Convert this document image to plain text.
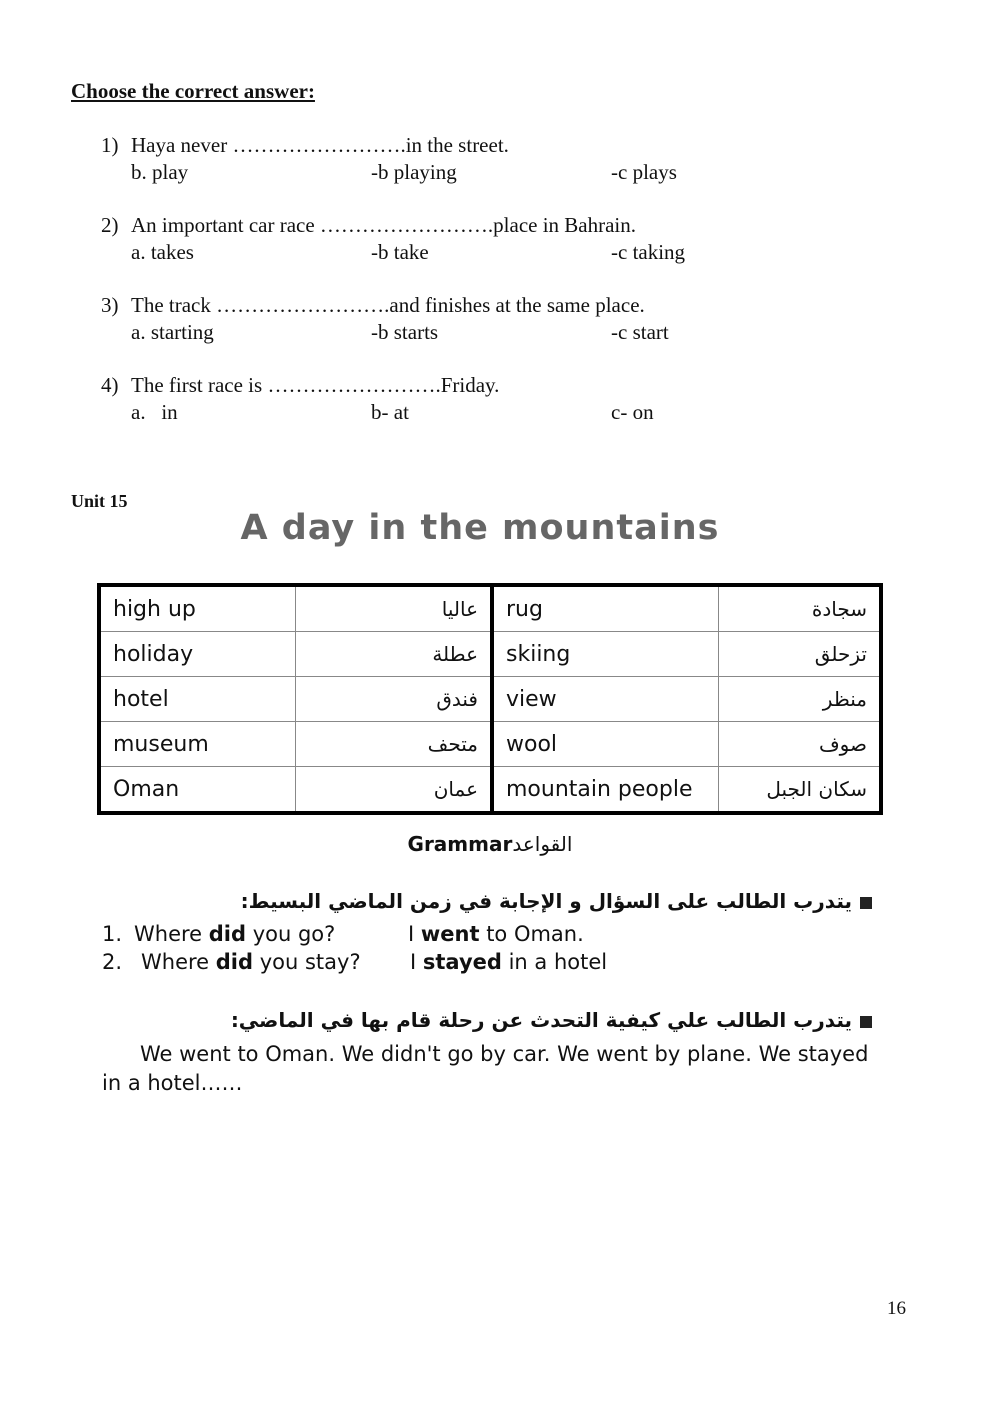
Choose the correct answer:
1) Haya never …………………….in the street.
b. play	-b playing	-c plays
2) An important car race …………………….place in Bahrain.
a. takes	-b take	-c taking
3) The track …………………….and finishes at the same place.
a. starting	-b starts	-c start
4) The first race is …………………….Friday.
a.   in	b- at	c- on
Unit 15
A day in the mountains
high up	عاليا	rug	سجادة
holiday	عطلة	skiing	تزحلق
hotel	فندق	view	منظر
museum	متحف	wool	صوف
Oman	عمان	mountain people	سكان الجبل
Grammarالقواعد
يتدرب الطالب على السؤال و الإجابة في زمن الماضي البسيط:
1. Where did you go?	I went to Oman.
2. Where did you stay? I stayed in a hotel
يتدرب الطالب علي كيفية التحدث عن رحلة قام بها في الماضي:
We went to Oman. We didn't go by car. We went by plane. We stayed in a hotel……
16
